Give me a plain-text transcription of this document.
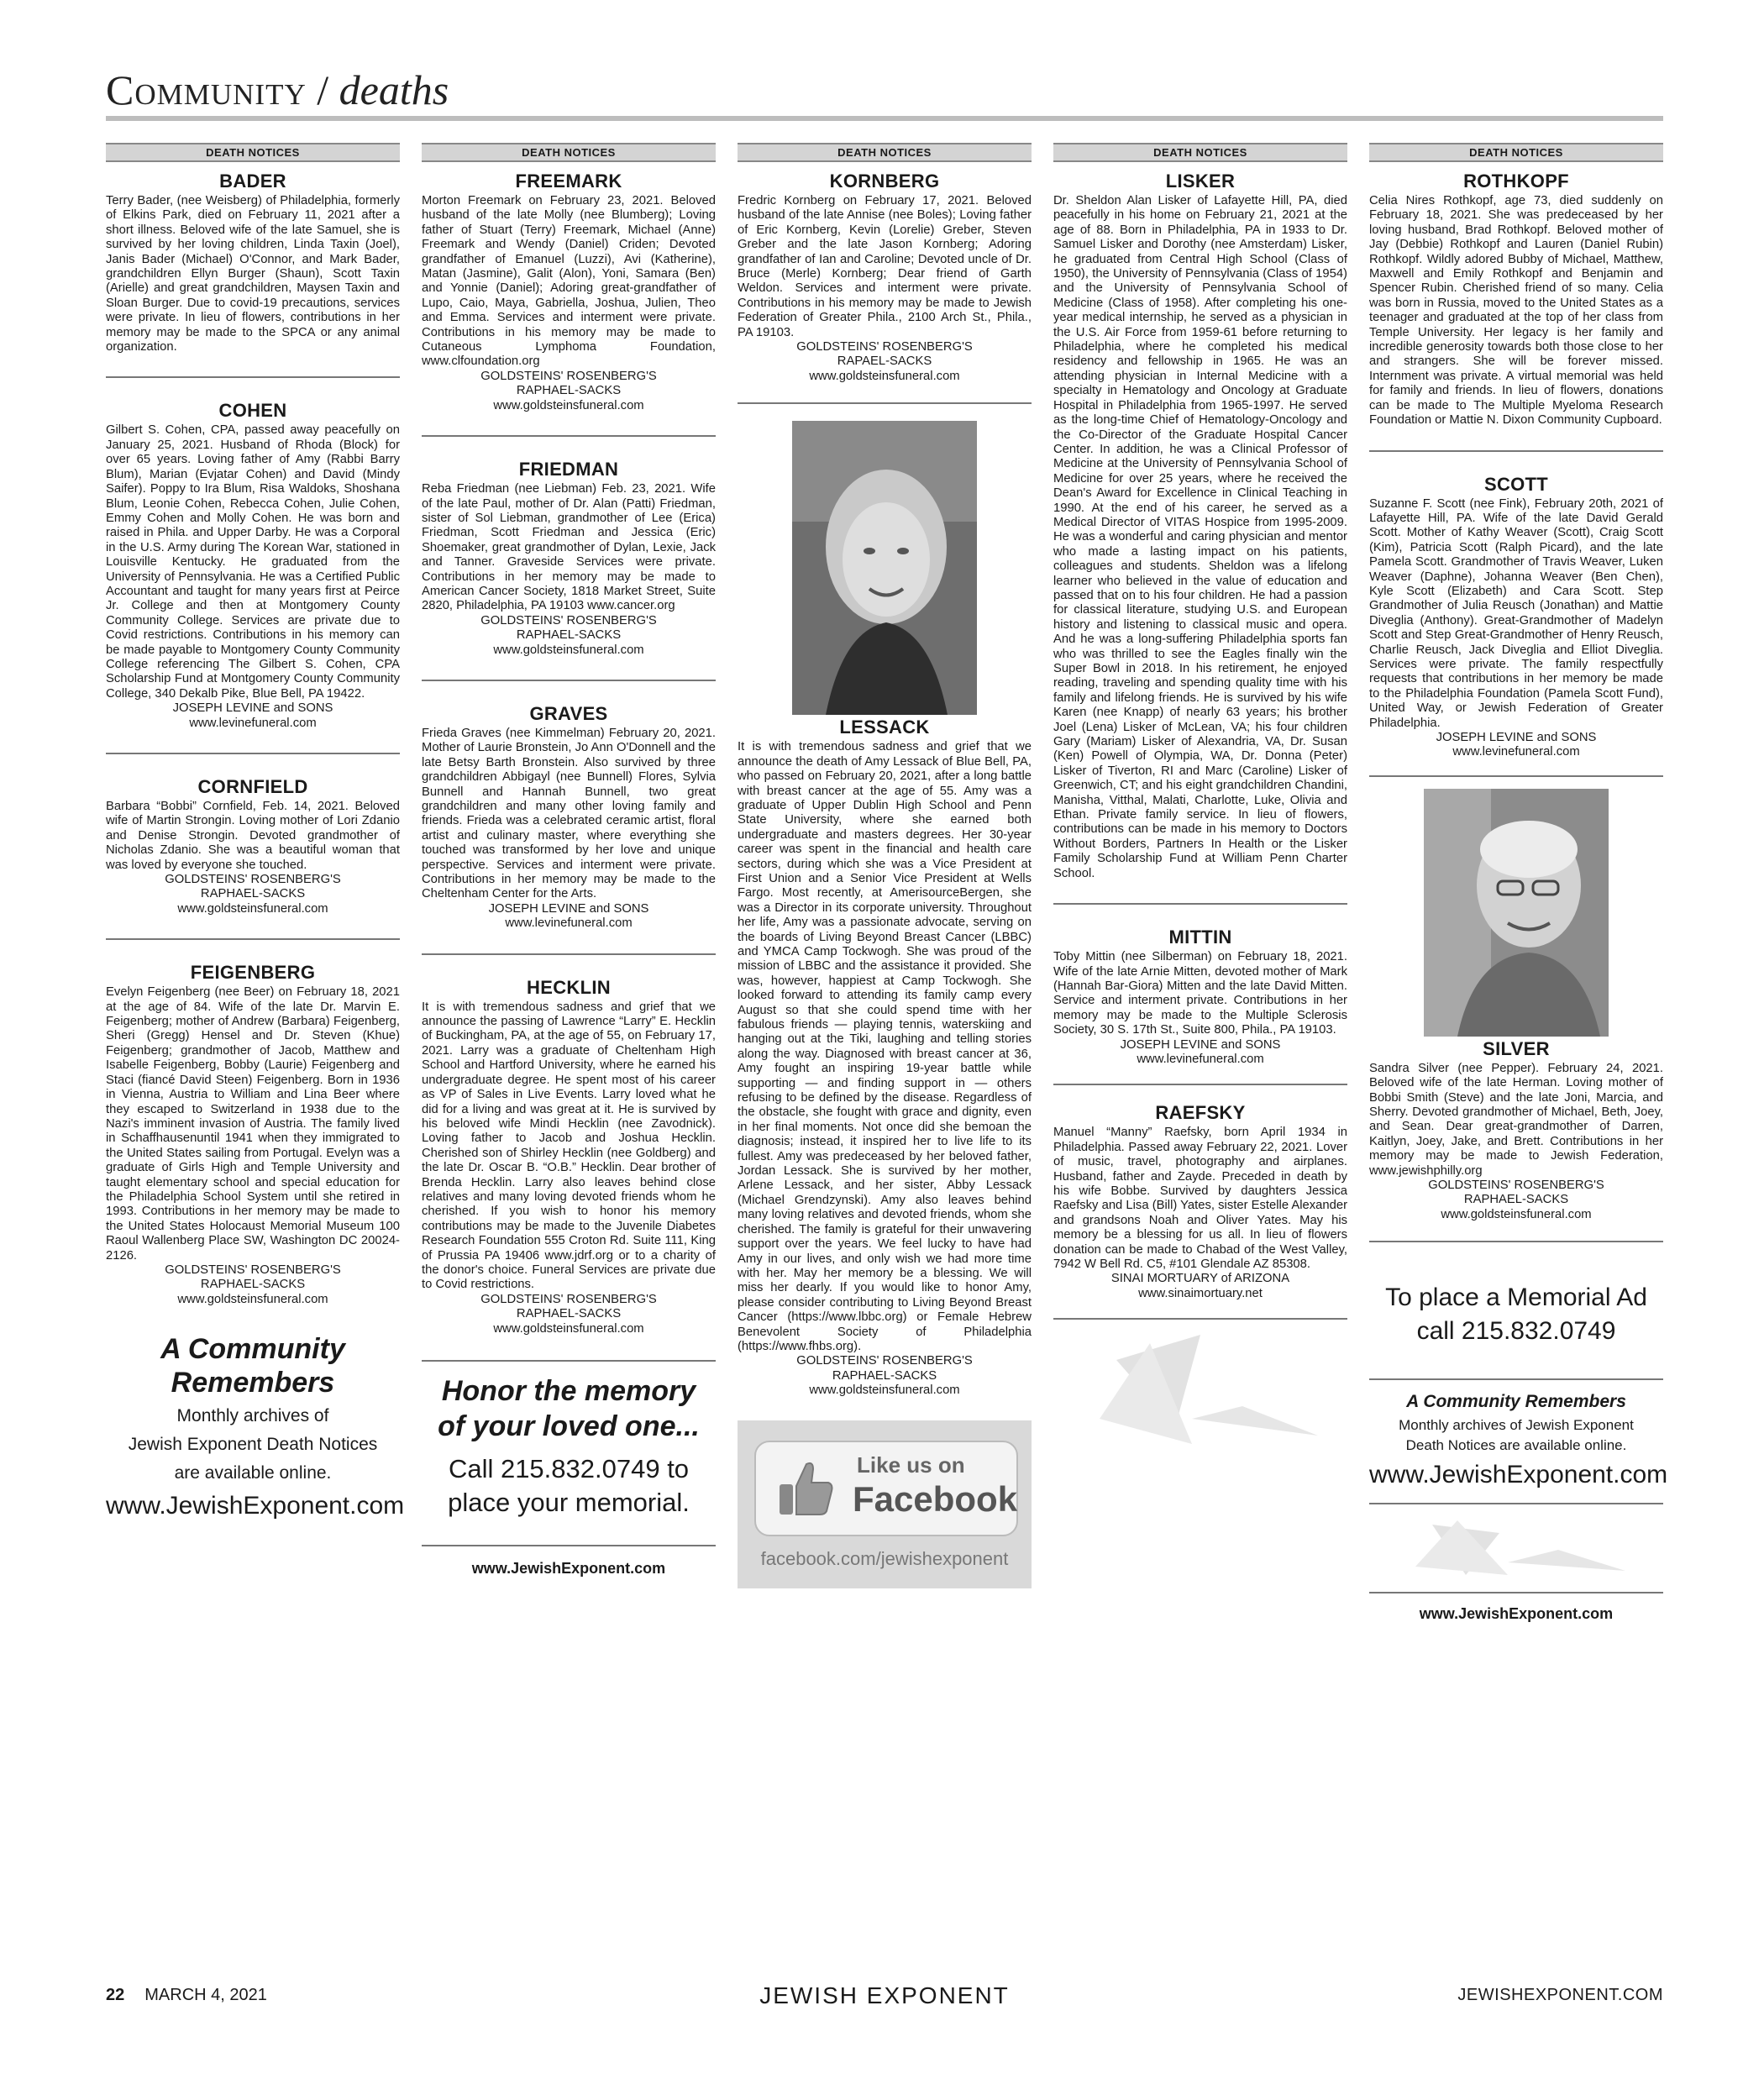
Community / deaths
DEATH NOTICES
BADER
Terry Bader, (nee Weisberg) of Philadelphia, formerly of Elkins Park, died on February 11, 2021 after a short illness. Beloved wife of the late Samuel, she is survived by her loving children, Linda Taxin (Joel), Janis Bader (Michael) O'Connor, and Mark Bader, grandchildren Ellyn Burger (Shaun), Scott Taxin (Arielle) and great grandchildren, Maysen Taxin and Sloan Burger. Due to covid-19 precautions, services were private. In lieu of flowers, contributions in her memory may be made to the SPCA or any animal organization.
COHEN
Gilbert S. Cohen, CPA, passed away peacefully on January 25, 2021. Husband of Rhoda (Block) for over 65 years. Loving father of Amy (Rabbi Barry Blum), Marian (Evjatar Cohen) and David (Mindy Saifer). Poppy to Ira Blum, Risa Waldoks, Shoshana Blum, Leonie Cohen, Rebecca Cohen, Julie Cohen, Emmy Cohen and Molly Cohen. He was born and raised in Phila. and Upper Darby. He was a Corporal in the U.S. Army during The Korean War, stationed in Louisville Kentucky. He graduated from the University of Pennsylvania. He was a Certified Public Accountant and taught for many years first at Peirce Jr. College and then at Montgomery County Community College. Services are private due to Covid restrictions. Contributions in his memory can be made payable to Montgomery County Community College referencing The Gilbert S. Cohen, CPA Scholarship Fund at Montgomery County Community College, 340 Dekalb Pike, Blue Bell, PA 19422.
JOSEPH LEVINE and SONS
www.levinefuneral.com
CORNFIELD
Barbara “Bobbi” Cornfield, Feb. 14, 2021. Beloved wife of Martin Strongin. Loving mother of Lori Zdanio and Denise Strongin. Devoted grandmother of Nicholas Zdanio. She was a beautiful woman that was loved by everyone she touched.
GOLDSTEINS' ROSENBERG'S
RAPHAEL-SACKS
www.goldsteinsfuneral.com
FEIGENBERG
Evelyn Feigenberg (nee Beer) on February 18, 2021 at the age of 84. Wife of the late Dr. Marvin E. Feigenberg; mother of Andrew (Barbara) Feigenberg, Sheri (Gregg) Hensel and Dr. Steven (Khue) Feigenberg; grandmother of Jacob, Matthew and Isabelle Feigenberg, Bobby (Laurie) Feigenberg and Staci (fiancé David Steen) Feigenberg. Born in 1936 in Vienna, Austria to William and Lina Beer where they escaped to Switzerland in 1938 due to the Nazi's imminent invasion of Austria. The family lived in Schaffhausenuntil 1941 when they immigrated to the United States sailing from Portugal. Evelyn was a graduate of Girls High and Temple University and taught elementary school and special education for the Philadelphia School System until she retired in 1993. Contributions in her memory may be made to the United States Holocaust Memorial Museum 100 Raoul Wallenberg Place SW, Washington DC 20024-2126.
GOLDSTEINS' ROSENBERG'S
RAPHAEL-SACKS
www.goldsteinsfuneral.com
A Community Remembers
Monthly archives of
Jewish Exponent Death Notices
are available online.
www.JewishExponent.com
DEATH NOTICES
FREEMARK
Morton Freemark on February 23, 2021. Beloved husband of the late Molly (nee Blumberg); Loving father of Stuart (Terry) Freemark, Michael (Anne) Freemark and Wendy (Daniel) Criden; Devoted grandfather of Emanuel (Luzzi), Avi (Katherine), Matan (Jasmine), Galit (Alon), Yoni, Samara (Ben) and Yonnie (Daniel); Adoring great-grandfather of Lupo, Caio, Maya, Gabriella, Joshua, Julien, Theo and Emma. Services and interment were private. Contributions in his memory may be made to Cutaneous Lymphoma Foundation, www.clfoundation.org
GOLDSTEINS' ROSENBERG'S
RAPHAEL-SACKS
www.goldsteinsfuneral.com
FRIEDMAN
Reba Friedman (nee Liebman) Feb. 23, 2021. Wife of the late Paul, mother of Dr. Alan (Patti) Friedman, sister of Sol Liebman, grandmother of Lee (Erica) Friedman, Scott Friedman and Jessica (Eric) Shoemaker, great grandmother of Dylan, Lexie, Jack and Tanner. Graveside Services were private. Contributions in her memory may be made to American Cancer Society, 1818 Market Street, Suite 2820, Philadelphia, PA 19103 www.cancer.org
GOLDSTEINS' ROSENBERG'S
RAPHAEL-SACKS
www.goldsteinsfuneral.com
GRAVES
Frieda Graves (nee Kimmelman) February 20, 2021. Mother of Laurie Bronstein, Jo Ann O'Donnell and the late Betsy Barth Bronstein. Also survived by three grandchildren Abbigayl (nee Bunnell) Flores, Sylvia Bunnell and Hannah Bunnell, two great grandchildren and many other loving family and friends. Frieda was a celebrated ceramic artist, floral artist and culinary master, where everything she touched was transformed by her love and unique perspective. Services and interment were private. Contributions in her memory may be made to the Cheltenham Center for the Arts.
JOSEPH LEVINE and SONS
www.levinefuneral.com
HECKLIN
It is with tremendous sadness and grief that we announce the passing of Lawrence “Larry” E. Hecklin of Buckingham, PA, at the age of 55, on February 17, 2021. Larry was a graduate of Cheltenham High School and Hartford University, where he earned his undergraduate degree. He spent most of his career as VP of Sales in Live Events. Larry loved what he did for a living and was great at it. He is survived by his beloved wife Mindi Hecklin (nee Zavodnick). Loving father to Jacob and Joshua Hecklin. Cherished son of Shirley Hecklin (nee Goldberg) and the late Dr. Oscar B. “O.B.” Hecklin. Dear brother of Brenda Hecklin. Larry also leaves behind close relatives and many loving devoted friends whom he cherished. If you wish to honor his memory contributions may be made to the Juvenile Diabetes Research Foundation 555 Croton Rd. Suite 111, King of Prussia PA 19406 www.jdrf.org or to a charity of the donor's choice. Funeral Services are private due to Covid restrictions.
GOLDSTEINS' ROSENBERG'S
RAPHAEL-SACKS
www.goldsteinsfuneral.com
Honor the memory
of your loved one...
Call 215.832.0749 to
place your memorial.
www.JewishExponent.com
DEATH NOTICES
KORNBERG
Fredric Kornberg on February 17, 2021. Beloved husband of the late Annise (nee Boles); Loving father of Eric Kornberg, Kevin (Lorelie) Greber, Steven Greber and the late Jason Kornberg; Adoring grandfather of Ian and Caroline; Devoted uncle of Dr. Bruce (Merle) Kornberg; Dear friend of Garth Weldon. Services and interment were private. Contributions in his memory may be made to Jewish Federation of Greater Phila., 2100 Arch St., Phila., PA 19103.
GOLDSTEINS' ROSENBERG'S
RAPAEL-SACKS
www.goldsteinsfuneral.com
LESSACK
It is with tremendous sadness and grief that we announce the death of Amy Lessack of Blue Bell, PA, who passed on February 20, 2021, after a long battle with breast cancer at the age of 55. Amy was a graduate of Upper Dublin High School and Penn State University, where she earned both undergraduate and masters degrees. Her 30-year career was spent in the financial and health care sectors, during which she was a Vice President at First Union and a Senior Vice President at Wells Fargo. Most recently, at AmerisourceBergen, she was a Director in its corporate university. Throughout her life, Amy was a passionate advocate, serving on the boards of Living Beyond Breast Cancer (LBBC) and YMCA Camp Tockwogh. She was proud of the mission of LBBC and the assistance it provided. She was, however, happiest at Camp Tockwogh. She looked forward to attending its family camp every August so that she could spend time with her fabulous friends — playing tennis, waterskiing and hanging out at the Tiki, laughing and telling stories along the way. Diagnosed with breast cancer at 36, Amy fought an inspiring 19-year battle while supporting — and finding support in — others refusing to be defined by the disease. Regardless of the obstacle, she fought with grace and dignity, even in her final moments. Not once did she bemoan the diagnosis; instead, it inspired her to live life to its fullest. Amy was predeceased by her beloved father, Jordan Lessack. She is survived by her mother, Arlene Lessack, and her sister, Abby Lessack (Michael Grendzynski). Amy also leaves behind many loving relatives and devoted friends, whom she cherished. The family is grateful for their unwavering support over the years. We feel lucky to have had Amy in our lives, and only wish we had more time with her. May her memory be a blessing. We will miss her dearly. If you would like to honor Amy, please consider contributing to Living Beyond Breast Cancer (https://www.lbbc.org) or Female Hebrew Benevolent Society of Philadelphia (https://www.fhbs.org).
GOLDSTEINS' ROSENBERG'S
RAPHAEL-SACKS
www.goldsteinsfuneral.com
Like us on
Facebook
facebook.com/jewishexponent
DEATH NOTICES
LISKER
Dr. Sheldon Alan Lisker of Lafayette Hill, PA, died peacefully in his home on February 21, 2021 at the age of 88. Born in Philadelphia, PA in 1933 to Dr. Samuel Lisker and Dorothy (nee Amsterdam) Lisker, he graduated from Central High School (Class of 1950), the University of Pennsylvania (Class of 1954) and the University of Pennsylvania School of Medicine (Class of 1958). After completing his one-year medical internship, he served as a physician in the U.S. Air Force from 1959-61 before returning to Philadelphia, where he completed his medical residency and fellowship in 1965. He was an attending physician in Internal Medicine with a specialty in Hematology and Oncology at Graduate Hospital in Philadelphia from 1965-1997. He served as the long-time Chief of Hematology-Oncology and the Co-Director of the Graduate Hospital Cancer Center. In addition, he was a Clinical Professor of Medicine at the University of Pennsylvania School of Medicine for over 25 years, where he received the Dean's Award for Excellence in Clinical Teaching in 1990. At the end of his career, he served as a Medical Director of VITAS Hospice from 1995-2009. He was a wonderful and caring physician and mentor who made a lasting impact on his patients, colleagues and students. Sheldon was a lifelong learner who believed in the value of education and passed that on to his four children. He had a passion for classical literature, studying U.S. and European history and listening to classical music and opera. And he was a long-suffering Philadelphia sports fan who was thrilled to see the Eagles finally win the Super Bowl in 2018. In his retirement, he enjoyed reading, traveling and spending quality time with his family and lifelong friends. He is survived by his wife Karen (nee Knapp) of nearly 63 years; his brother Joel (Lena) Lisker of McLean, VA; his four children Gary (Mariam) Lisker of Alexandria, VA, Dr. Susan (Ken) Powell of Olympia, WA, Dr. Donna (Peter) Lisker of Tiverton, RI and Marc (Caroline) Lisker of Greenwich, CT; and his eight grandchildren Chandini, Manisha, Vitthal, Malati, Charlotte, Luke, Olivia and Ethan. Private family service. In lieu of flowers, contributions can be made in his memory to Doctors Without Borders, Partners In Health or the Lisker Family Scholarship Fund at William Penn Charter School.
MITTIN
Toby Mittin (nee Silberman) on February 18, 2021. Wife of the late Arnie Mitten, devoted mother of Mark (Hannah Bar-Giora) Mitten and the late David Mitten. Service and interment private. Contributions in her memory may be made to the Multiple Sclerosis Society, 30 S. 17th St., Suite 800, Phila., PA 19103.
JOSEPH LEVINE and SONS
www.levinefuneral.com
RAEFSKY
Manuel “Manny” Raefsky, born April 1934 in Philadelphia. Passed away February 22, 2021. Lover of music, travel, photography and airplanes. Husband, father and Zayde. Preceded in death by his wife Bobbe. Survived by daughters Jessica Raefsky and Lisa (Bill) Yates, sister Estelle Alexander and grandsons Noah and Oliver Yates. May his memory be a blessing for us all. In lieu of flowers donation can be made to Chabad of the West Valley, 7942 W Bell Rd. C5, #101 Glendale AZ 85308.
SINAI MORTUARY of ARIZONA
www.sinaimortuary.net
DEATH NOTICES
ROTHKOPF
Celia Nires Rothkopf, age 73, died suddenly on February 18, 2021. She was predeceased by her loving husband, Brad Rothkopf. Beloved mother of Jay (Debbie) Rothkopf and Lauren (Daniel Rubin) Rothkopf. Wildly adored Bubby of Michael, Matthew, Maxwell and Emily Rothkopf and Benjamin and Spencer Rubin. Cherished friend of so many. Celia was born in Russia, moved to the United States as a teenager and graduated at the top of her class from Temple University. Her legacy is her family and incredible generosity towards both those close to her and strangers. She will be forever missed. Internment was private. A virtual memorial was held for family and friends. In lieu of flowers, donations can be made to The Multiple Myeloma Research Foundation or Mattie N. Dixon Community Cupboard.
SCOTT
Suzanne F. Scott (nee Fink), February 20th, 2021 of Lafayette Hill, PA. Wife of the late David Gerald Scott. Mother of Kathy Weaver (Scott), Craig Scott (Kim), Patricia Scott (Ralph Picard), and the late Pamela Scott. Grandmother of Travis Weaver, Luken Weaver (Daphne), Johanna Weaver (Ben Chen), Kyle Scott (Elizabeth) and Cara Scott. Step Grandmother of Julia Reusch (Jonathan) and Mattie Diveglia (Anthony). Great-Grandmother of Madelyn Scott and Step Great-Grandmother of Henry Reusch, Charlie Reusch, Jack Diveglia and Elliot Diveglia. Services were private. The family respectfully requests that contributions in her memory be made to the Philadelphia Foundation (Pamela Scott Fund), United Way, or Jewish Federation of Greater Philadelphia.
JOSEPH LEVINE and SONS
www.levinefuneral.com
SILVER
Sandra Silver (nee Pepper). February 24, 2021. Beloved wife of the late Herman. Loving mother of Bobbi Smith (Steve) and the late Joni, Marcia, and Sherry. Devoted grandmother of Michael, Beth, Joey, and Sean. Dear great-grandmother of Darren, Kaitlyn, Joey, Jake, and Brett. Contributions in her memory may be made to Jewish Federation, www.jewishphilly.org
GOLDSTEINS' ROSENBERG'S
RAPHAEL-SACKS
www.goldsteinsfuneral.com
To place a Memorial Ad
call 215.832.0749
A Community Remembers
Monthly archives of Jewish Exponent
Death Notices are available online.
www.JewishExponent.com
www.JewishExponent.com
22 MARCH 4, 2021	JEWISH EXPONENT	JEWISHEXPONENT.COM
